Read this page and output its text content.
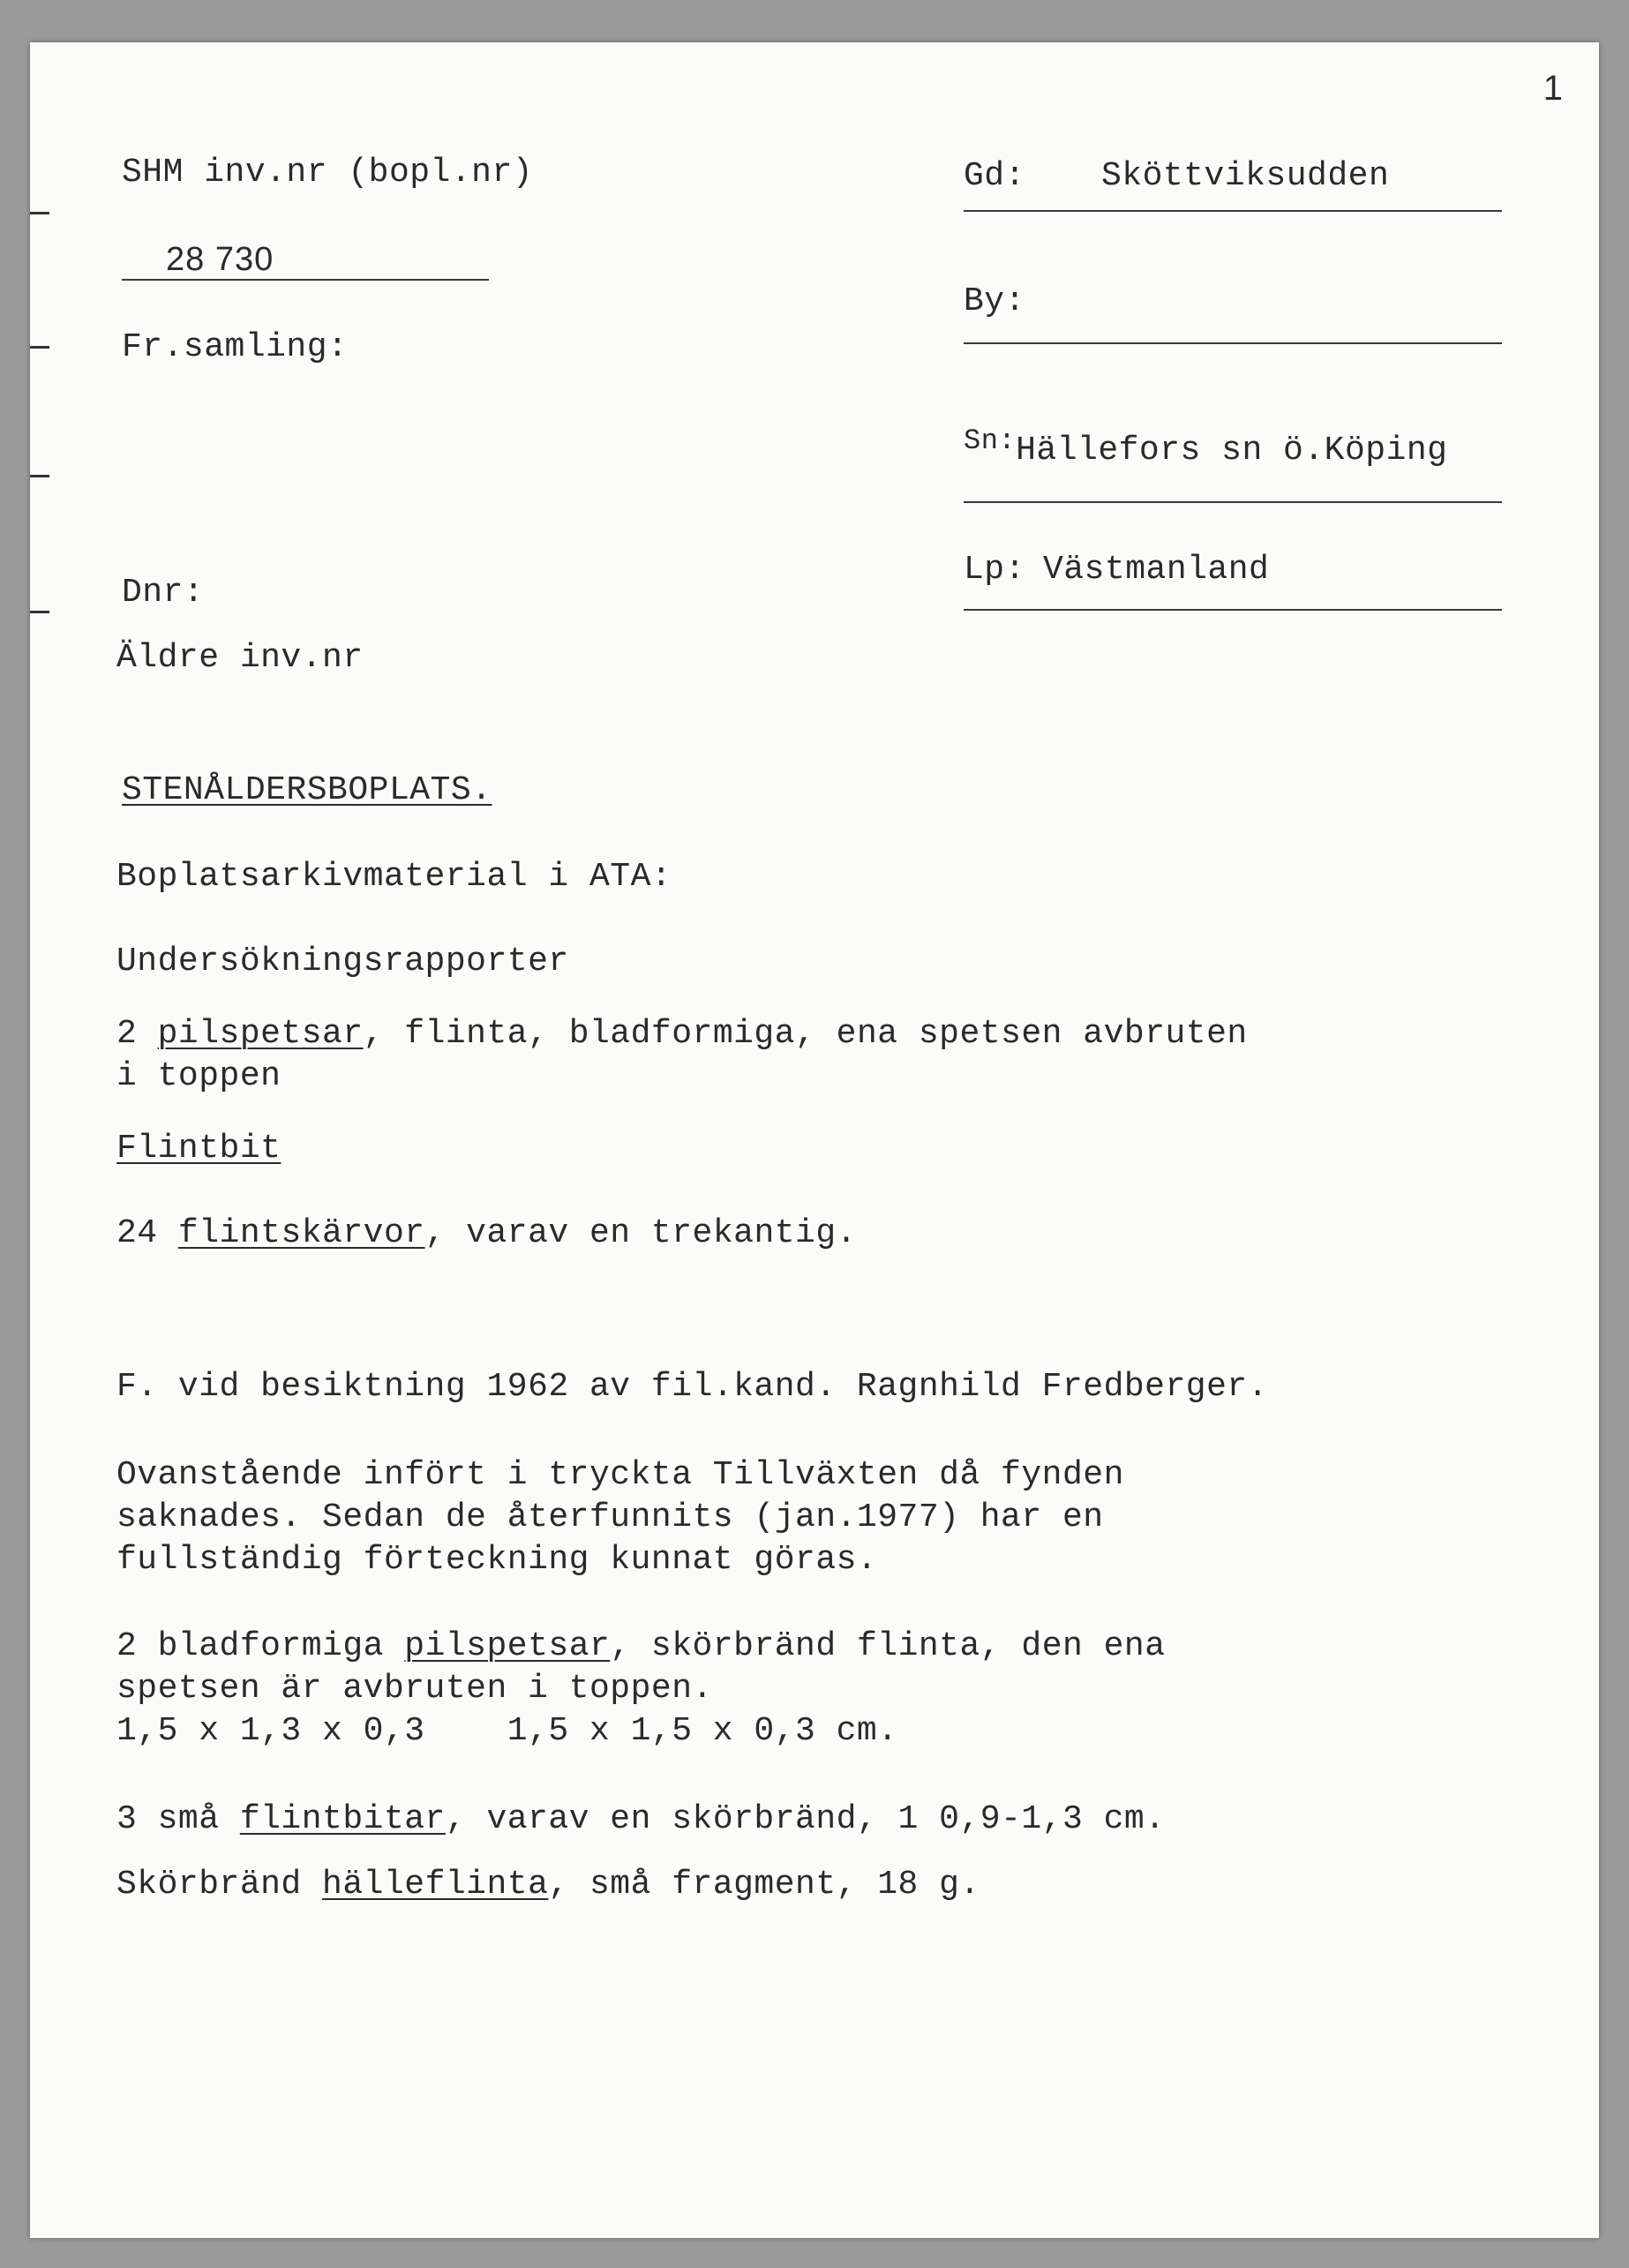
1
SHM inv.nr (bopl.nr)
28 730
Fr.samling:
Dnr:
Äldre inv.nr
Gd: Sköttviksudden
By:
$^{Sn:}$Hällefors sn ö.Köping
Lp: Västmanland
STENÅLDERSBOPLATS.
Boplatsarkivmaterial i ATA:
Undersökningsrapporter
2 pilspetsar, flinta, bladformiga, ena spetsen avbruten
i toppen
Flintbit
24 flintskärvor, varav en trekantig.
F. vid besiktning 1962 av fil.kand. Ragnhild Fredberger.
Ovanstående infört i tryckta Tillväxten då fynden
saknades. Sedan de återfunnits (jan.1977) har en
fullständig förteckning kunnat göras.
2 bladformiga pilspetsar, skörbränd flinta, den ena
spetsen är avbruten i toppen.
1,5 x 1,3 x 0,3    1,5 x 1,5 x 0,3 cm.
3 små flintbitar, varav en skörbränd, 1 0,9-1,3 cm.
Skörbränd hälleflinta, små fragment, 18 g.
